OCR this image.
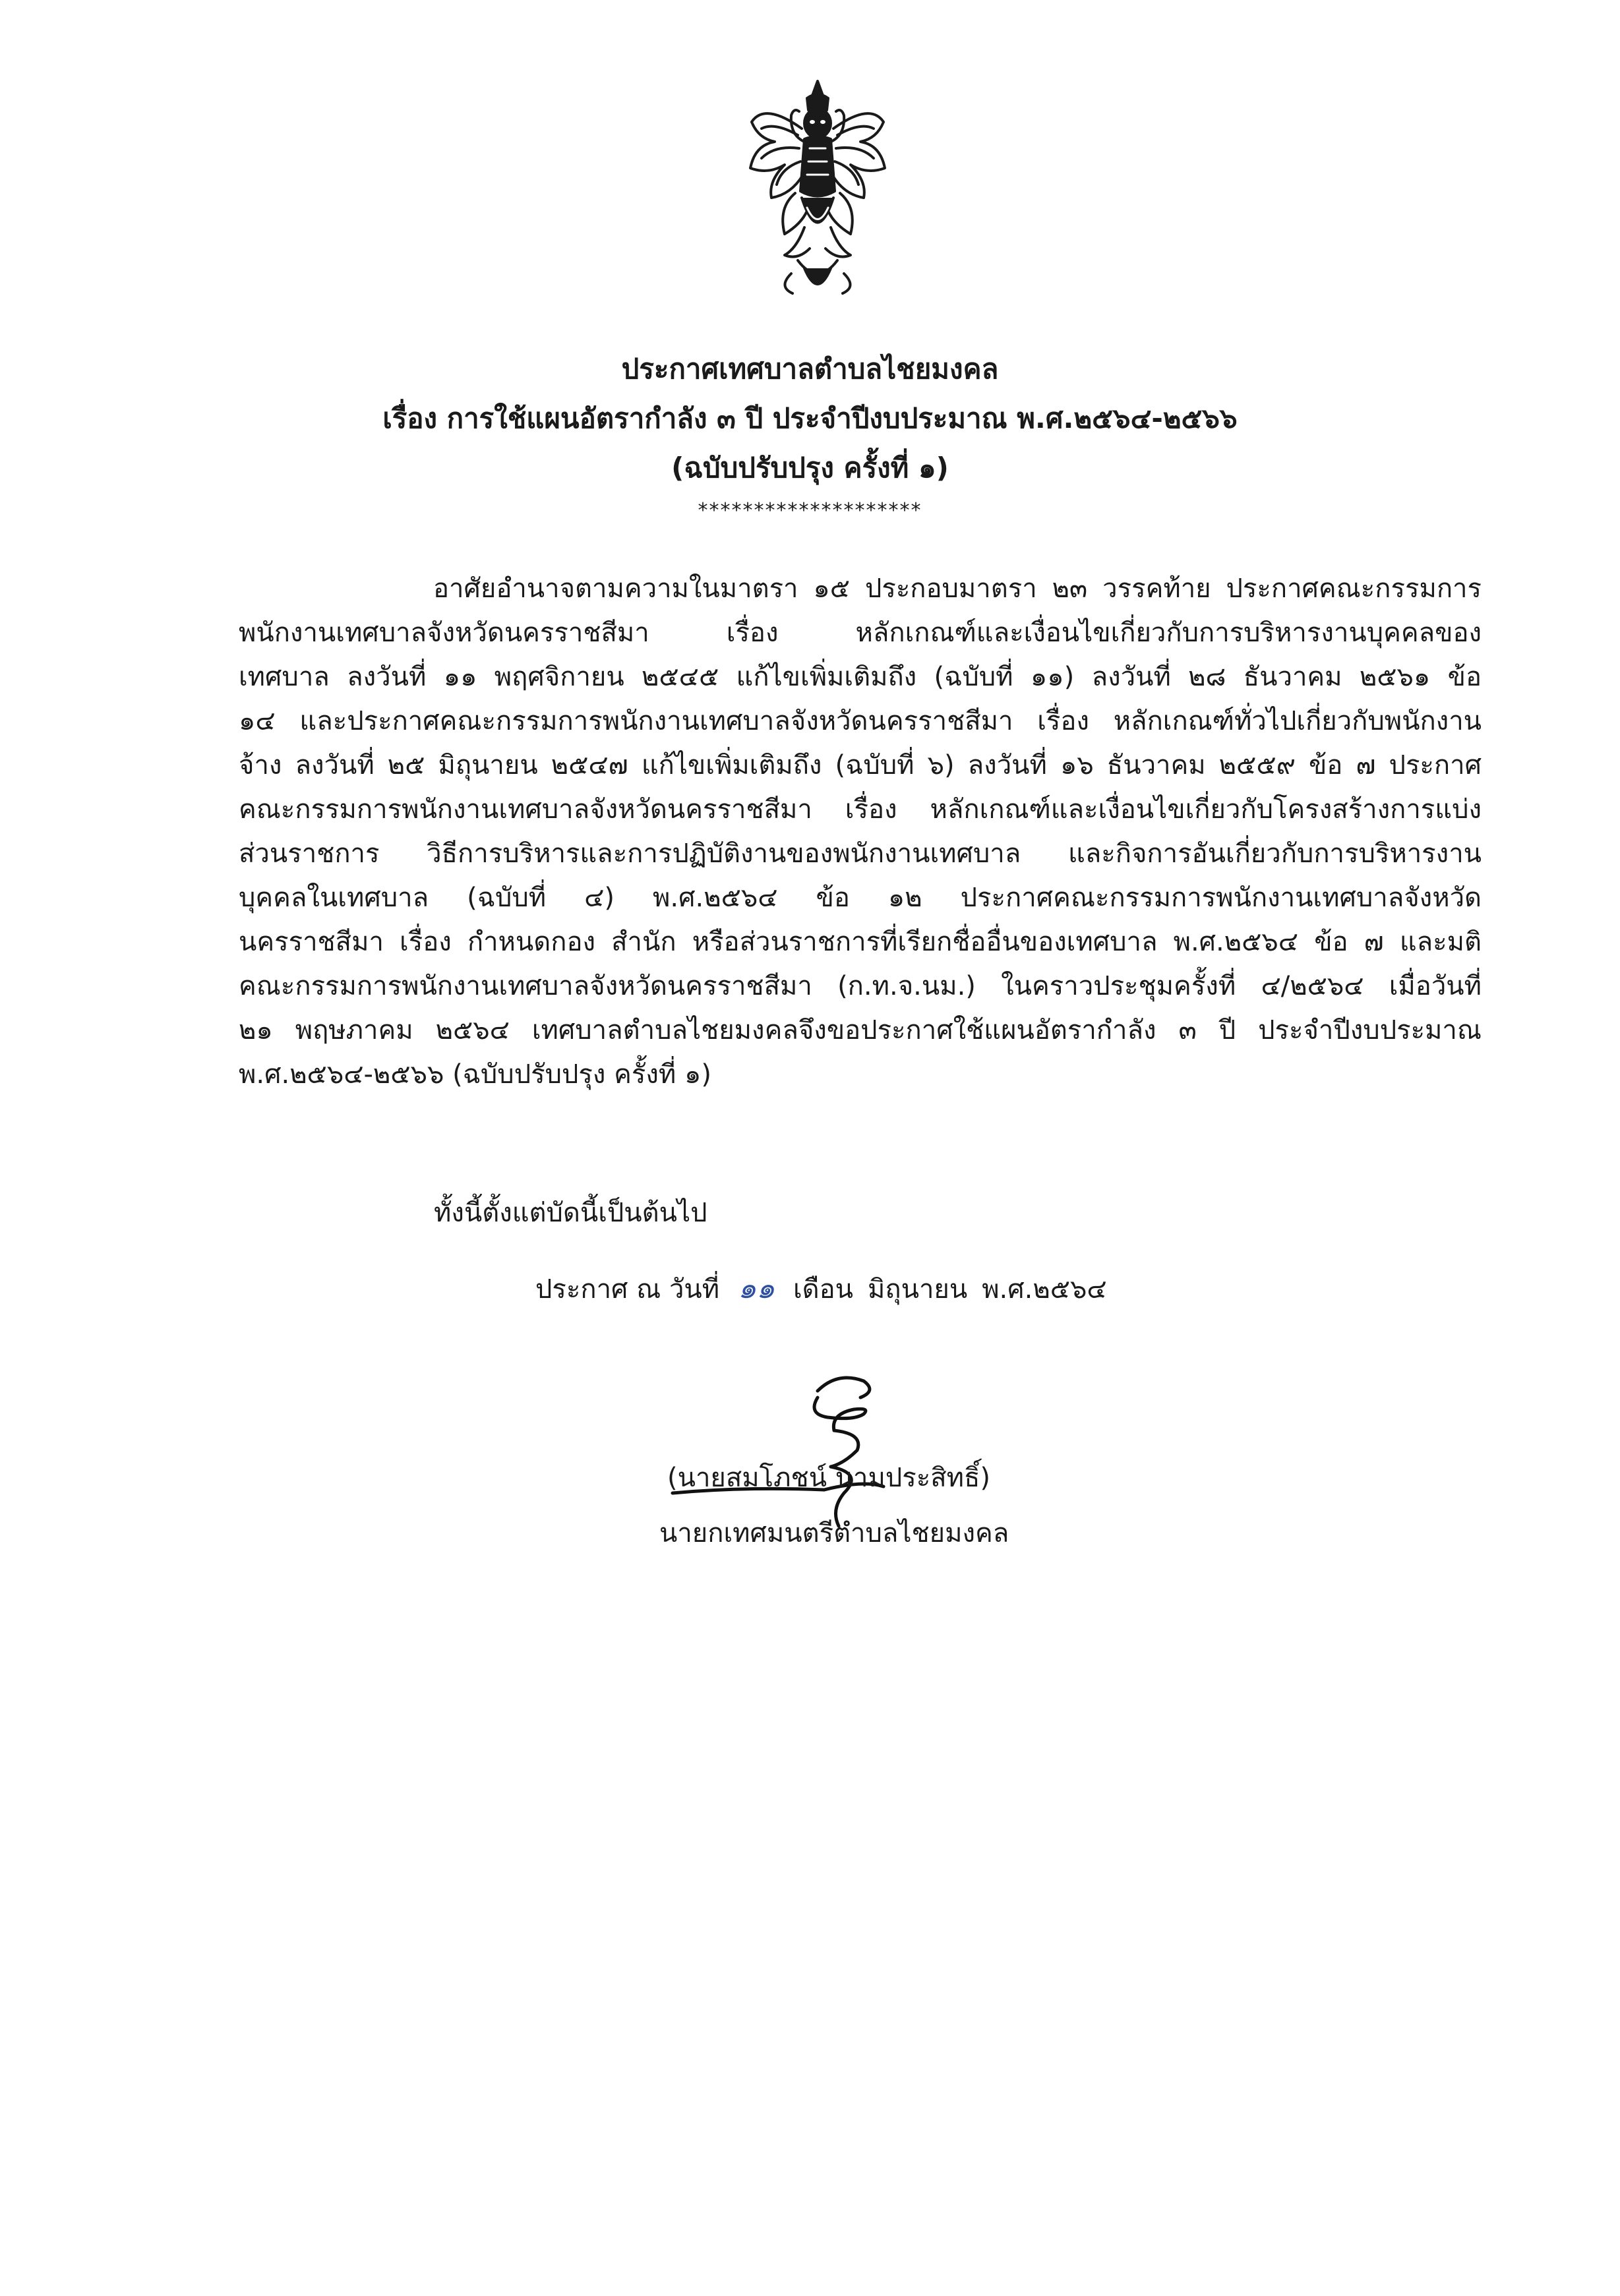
ประกาศเทศบาลตำบลไชยมงคล
เรื่อง การใช้แผนอัตรากำลัง ๓ ปี ประจำปีงบประมาณ พ.ศ.๒๕๖๔-๒๕๖๖
(ฉบับปรับปรุง ครั้งที่ ๑)
********************
อาศัยอำนาจตามความในมาตรา ๑๕ ประกอบมาตรา ๒๓ วรรคท้าย ประกาศคณะกรรมการ
พนักงานเทศบาลจังหวัดนครราชสีมา เรื่อง หลักเกณฑ์และเงื่อนไขเกี่ยวกับการบริหารงานบุคคลของ
เทศบาล ลงวันที่ ๑๑ พฤศจิกายน ๒๕๔๕ แก้ไขเพิ่มเติมถึง (ฉบับที่ ๑๑) ลงวันที่ ๒๘ ธันวาคม ๒๕๖๑ ข้อ
๑๔ และประกาศคณะกรรมการพนักงานเทศบาลจังหวัดนครราชสีมา เรื่อง หลักเกณฑ์ทั่วไปเกี่ยวกับพนักงาน
จ้าง ลงวันที่ ๒๕ มิถุนายน ๒๕๔๗ แก้ไขเพิ่มเติมถึง (ฉบับที่ ๖) ลงวันที่ ๑๖ ธันวาคม ๒๕๕๙ ข้อ ๗ ประกาศ
คณะกรรมการพนักงานเทศบาลจังหวัดนครราชสีมา เรื่อง หลักเกณฑ์และเงื่อนไขเกี่ยวกับโครงสร้างการแบ่ง
ส่วนราชการ วิธีการบริหารและการปฏิบัติงานของพนักงานเทศบาล และกิจการอันเกี่ยวกับการบริหารงาน
บุคคลในเทศบาล (ฉบับที่ ๔) พ.ศ.๒๕๖๔ ข้อ ๑๒ ประกาศคณะกรรมการพนักงานเทศบาลจังหวัด
นครราชสีมา เรื่อง กำหนดกอง สำนัก หรือส่วนราชการที่เรียกชื่ออื่นของเทศบาล พ.ศ.๒๕๖๔ ข้อ ๗ และมติ
คณะกรรมการพนักงานเทศบาลจังหวัดนครราชสีมา (ก.ท.จ.นม.) ในคราวประชุมครั้งที่ ๔/๒๕๖๔ เมื่อวันที่
๒๑ พฤษภาคม ๒๕๖๔ เทศบาลตำบลไชยมงคลจึงขอประกาศใช้แผนอัตรากำลัง ๓ ปี ประจำปีงบประมาณ
พ.ศ.๒๕๖๔-๒๕๖๖ (ฉบับปรับปรุง ครั้งที่ ๑)
ทั้งนี้ตั้งแต่บัดนี้เป็นต้นไป
ประกาศ ณ วันที่ ๑๑ เดือน มิถุนายน พ.ศ.๒๕๖๔
(นายสมโภชน์ นามประสิทธิ์)
นายกเทศมนตรีตำบลไชยมงคล
